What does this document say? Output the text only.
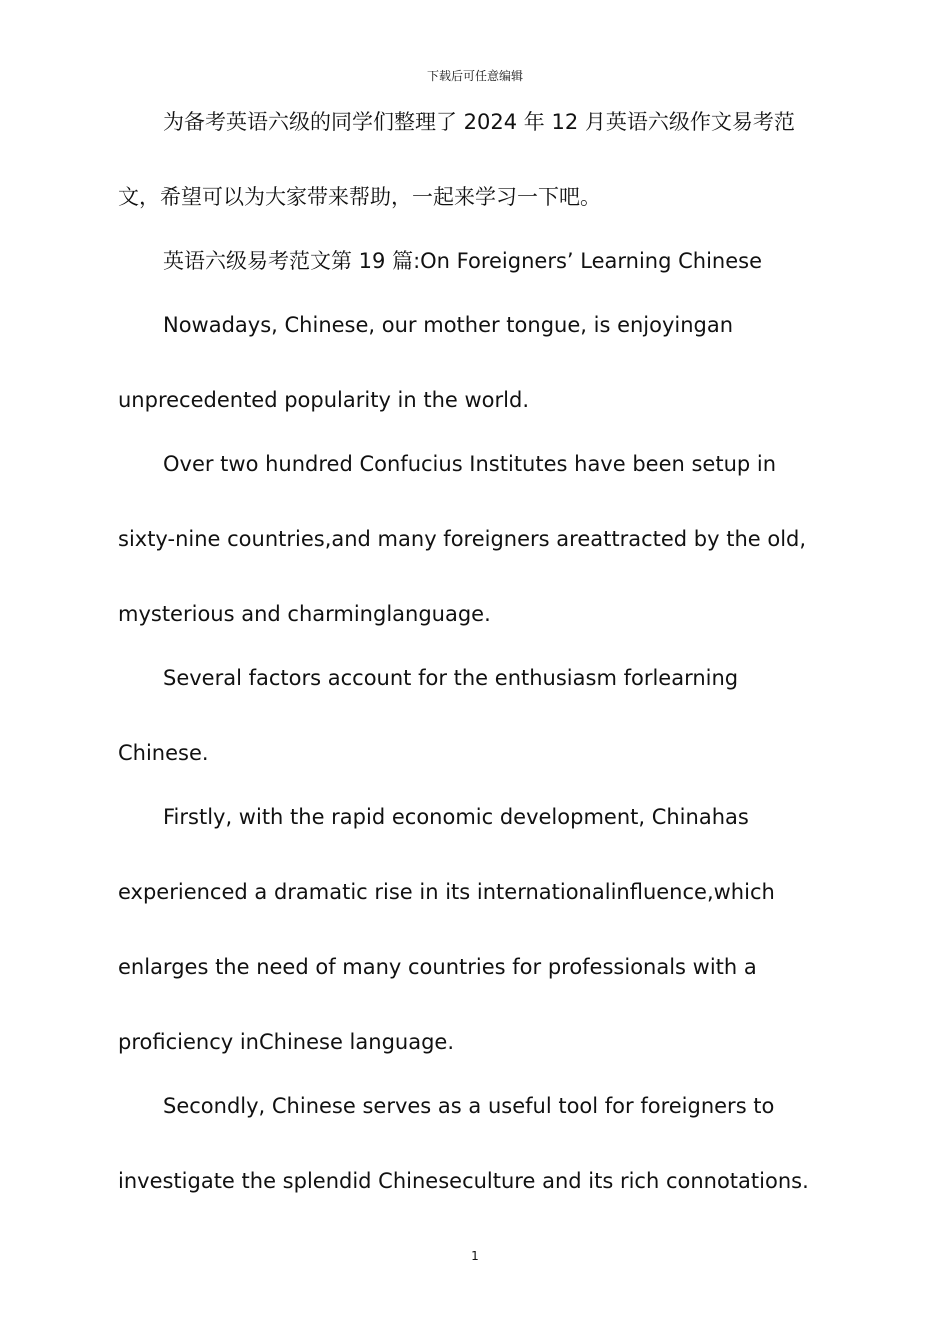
下载后可任意编辑
为备考英语六级的同学们整理了 2024 年 12 月英语六级作文易考范
文，希望可以为大家带来帮助，一起来学习一下吧。
英语六级易考范文第 19 篇:On Foreigners’ Learning Chinese
Nowadays, Chinese, our mother tongue, is enjoyingan
unprecedented popularity in the world.
Over two hundred Confucius Institutes have been setup in
sixty-nine countries,and many foreigners areattracted by the old,
mysterious and charminglanguage.
Several factors account for the enthusiasm forlearning
Chinese.
Firstly, with the rapid economic development, Chinahas
experienced a dramatic rise in its internationalinfluence,which
enlarges the need of many countries for professionals with a
proficiency inChinese language.
Secondly, Chinese serves as a useful tool for foreigners to
investigate the splendid Chineseculture and its rich connotations.
1
